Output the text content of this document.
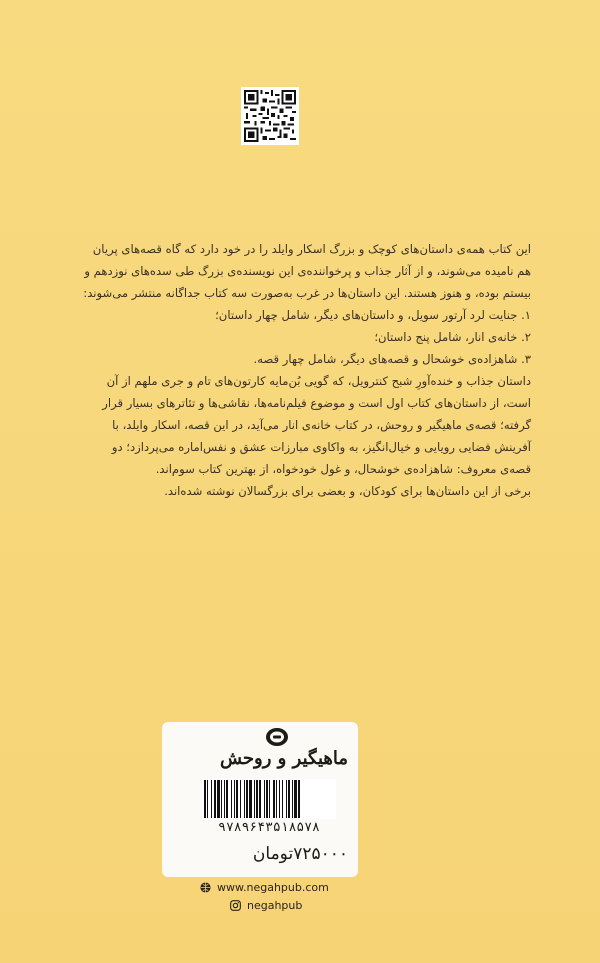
این کتاب همه‌ی داستان‌های کوچک و بزرگ اسکار وایلد را در خود دارد که گاه قصه‌های پریان هم نامیده می‌شوند، و از آثار جذاب و پرخواننده‌ی این نویسنده‌ی بزرگ طی سده‌های نوزدهم و بیستم بوده، و هنوز هستند. این داستان‌ها در غرب به‌صورت سه کتاب جداگانه منتشر می‌شوند:

۱. جنایت لرد آرتور سویل، و داستان‌های دیگر، شامل چهار داستان؛

۲. خانه‌ی انار، شامل پنج داستان؛

۳. شاهزاده‌ی خوشحال و قصه‌های دیگر، شامل چهار قصه.

داستان جذاب و خنده‌آورِ شبح کنترویل، که گویی بُن‌مایه کارتون‌های تام و جری ملهم از آن است، از داستان‌های کتاب اول است و موضوع فیلم‌نامه‌ها، نقاشی‌ها و تئاترهای بسیار قرار گرفته؛ قصه‌ی ماهیگیر و روحش، در کتاب خانه‌ی انار می‌آید، در این قصه، اسکار وایلد، با آفرینش فضایی رویایی و خیال‌انگیز، به واکاوی مبارزات عشق و نفس‌اماره می‌پردازد؛ دو قصه‌ی معروف: شاهزاده‌ی خوشحال، و غول خودخواه، از بهترین کتاب سوم‌اند.

برخی از این داستان‌ها برای کودکان، و بعضی برای بزرگسالان نوشته شده‌اند.

ماهیگیر و روحش
۹۷۸۹۶۴۳۵۱۸۵۷۸
۷۲۵۰۰۰تومان
www.negahpub.com
negahpub
